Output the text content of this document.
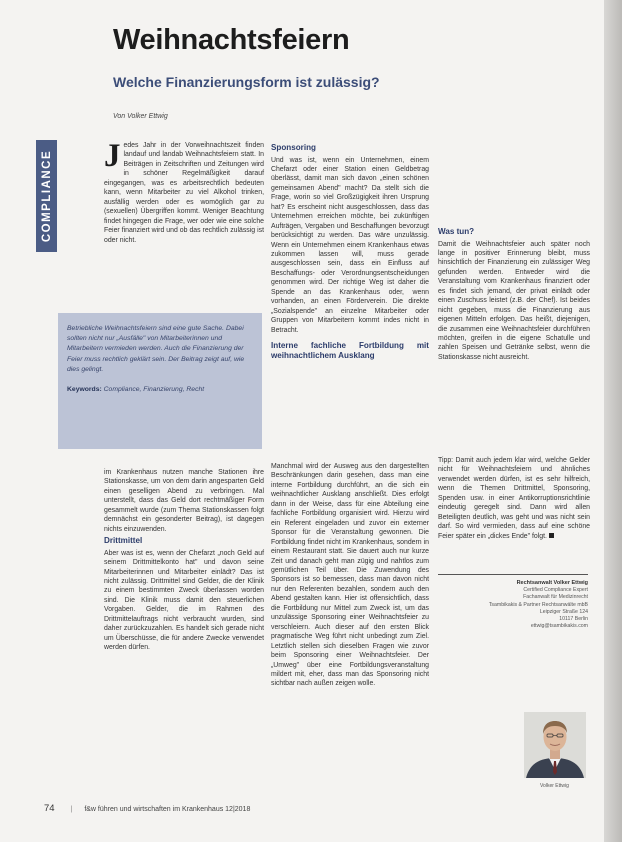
COMPLIANCE
Weihnachtsfeiern
Welche Finanzierungsform ist zulässig?
Von Volker Ettwig
J edes Jahr in der Vorweihnachtszeit finden landauf und landab Weihnachtsfeiern statt. In Beiträgen in Zeitschriften und Zeitungen wird in schöner Regelmäßigkeit darauf eingegangen, was es arbeitsrechtlich bedeuten kann, wenn Mitarbeiter zu viel Alkohol trinken, ausfällig werden oder es womöglich gar zu (sexuellen) Übergriffen kommt. Weniger Beachtung findet hingegen die Frage, wer oder wie eine solche Feier finanziert wird und ob das rechtlich zulässig ist oder nicht.

Betriebliche Weihnachtsfeiern sind eine gute Sache. Dabei sollten nicht nur „Ausfälle" von Mitarbeiterinnen und Mitarbeitern vermieden werden. Auch die Finanzierung der Feier muss rechtlich geklärt sein. Der Beitrag zeigt auf, wie dies gelingt.

Keywords: Compliance, Finanzierung, Recht

im Krankenhaus nutzen manche Stationen ihre Stationskasse, um von dem darin angesparten Geld einen geselligen Abend zu verbringen. Mal unterstellt, dass das Geld dort rechtmäßiger Form gesammelt wurde (zum Thema Stationskassen folgt demnächst ein gesonderter Beitrag), ist dagegen nichts einzuwenden.

Drittmittel

Aber was ist es, wenn der Chefarzt „noch Geld auf seinem Drittmittelkonto hat" und davon seine Mitarbeiterinnen und Mitarbeiter einlädt? Das ist nicht zulässig. Drittmittel sind Gelder, die der Klinik zu einem bestimmten Zweck überlassen worden sind. Die Klinik muss damit den steuerlichen Vorgaben. Gelder, die im Rahmen des Drittmittelauftrags nicht verbraucht wurden, sind daher zurückzuzahlen. Es handelt sich gerade nicht um Überschüsse, die für andere Zwecke verwendet werden dürfen.

Sponsoring

Und was ist, wenn ein Unternehmen, einem Chefarzt oder einer Station einen Geldbetrag überlässt, damit man sich davon „einen schönen gemeinsamen Abend" macht? Da stellt sich die Frage, worin so viel Großzügigkeit ihren Ursprung hat? Es erscheint nicht ausgeschlossen, dass das Unternehmen erreichen möchte, bei zukünftigen Aufträgen, Vergaben und Beschaffungen bevorzugt berücksichtigt zu werden. Das wäre unzulässig. Wenn ein Unternehmen einem Krankenhaus etwas zukommen lassen will, muss gerade ausgeschlossen sein, dass ein Einfluss auf Beschaffungs- oder Verordnungsentscheidungen genommen wird. Der richtige Weg ist daher die Spende an das Krankenhaus oder, wenn vorhanden, an einen Förderverein. Die direkte „Sozialspende" an einzelne Mitarbeiter oder Gruppen von Mitarbeitern kommt indes nicht in Betracht.

Interne fachliche Fortbildung mit weihnachtlichem Ausklang

Manchmal wird der Ausweg aus den dargestellten Beschränkungen darin gesehen, dass man eine interne Fortbildung durchführt, an die sich ein weihnachtlicher Ausklang anschließt. Dies erfolgt dann in der Weise, dass für eine Abteilung eine fachliche Fortbildung organisiert wird. Hierzu wird ein Referent eingeladen und zuvor ein externer Sponsor für die Veranstaltung gewonnen. Die Fortbildung findet nicht im Krankenhaus, sondern in einem Restaurant statt. Sie dauert auch nur kurze Zeit und danach geht man zügig und nahtlos zum gemütlichen Teil über. Die Zuwendung des Sponsors ist so bemessen, dass man davon nicht nur den Referenten bezahlen, sondern auch den Abend gestalten kann. Hier ist offensichtlich, dass die Fortbildung nur Mittel zum Zweck ist, um das unzulässige Sponsoring einer Weihnachtsfeier zu verschleiern. Auch dieser auf den ersten Blick pragmatische Weg führt nicht unbedingt zum Ziel. Letztlich stellen sich dieselben Fragen wie zuvor beim Sponsoring einer Weihnachtsfeier. Der „Umweg" über eine Fortbildungsveranstaltung mildert mit, eher, dass man das Sponsoring nicht sichtbar nach außen zeigen wolle.

Was tun?

Damit die Weihnachtsfeier auch später noch lange in positiver Erinnerung bleibt, muss hinsichtlich der Finanzierung ein zulässiger Weg gefunden werden. Entweder wird die Veranstaltung vom Krankenhaus finanziert oder es findet sich jemand, der privat einlädt oder einen Zuschuss leistet (z.B. der Chef). Ist beides nicht gegeben, muss die Finanzierung aus eigenen Mitteln erfolgen. Das heißt, diejenigen, die zusammen eine Weihnachtsfeier durchführen möchten, greifen in die eigene Schatulle und zahlen Speisen und Getränke selbst, wenn die Stationskasse nicht ausreicht.

Tipp: Damit auch jedem klar wird, welche Gelder nicht für Weihnachtsfeiern und ähnliches verwendet werden dürfen, ist es sehr hilfreich, wenn die Themen Drittmittel, Sponsoring, Spenden usw. in einer Antikorruptionsrichtlinie eindeutig geregelt sind. Dann wird allen Beteiligten deutlich, was geht und was nicht sein darf. So wird vermieden, dass auf eine schöne Feier später ein „dickes Ende" folgt.

Rechtsanwalt Volker Ettwig
Certified Compliance Expert
Fachanwalt für Medizinrecht
Tsambikakis & Partner Rechtsanwälte mbB
Leipziger Straße 124
10117 Berlin
ettwig@tsambikakis.com
Volker Ettwig
74 | f&w führen und wirtschaften im Krankenhaus 12|2018
